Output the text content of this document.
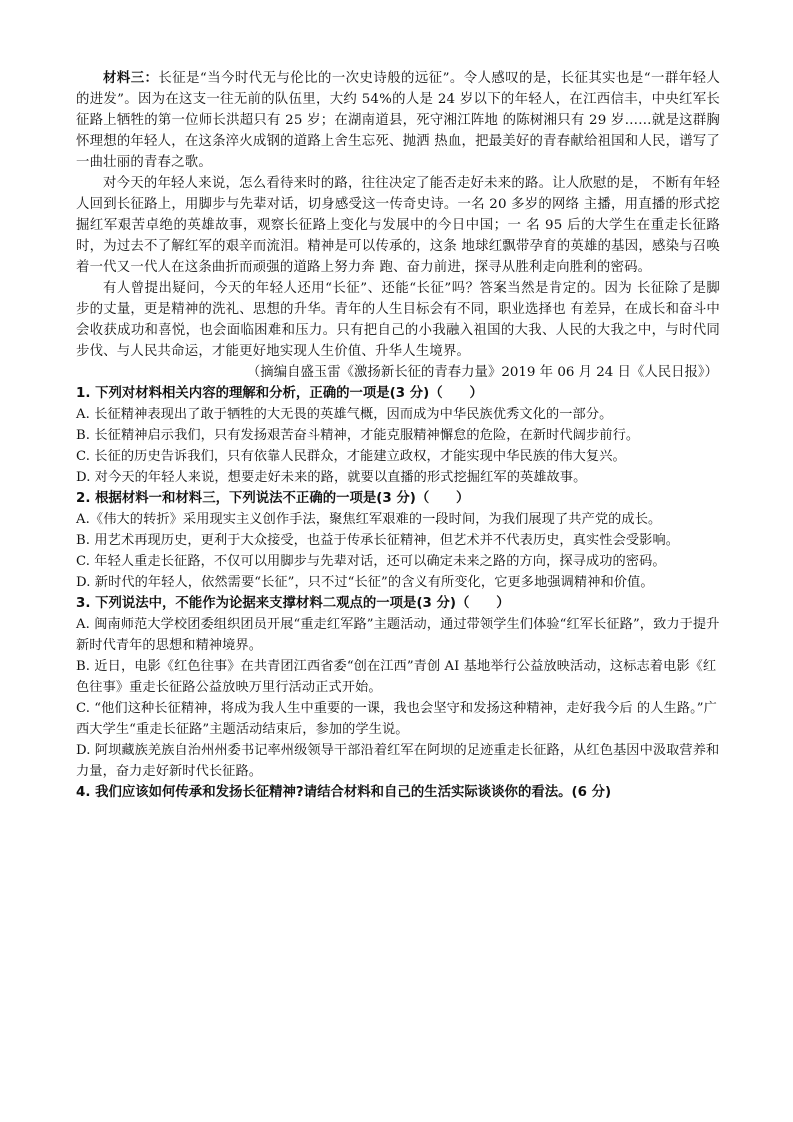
材料三：长征是“当今时代无与伦比的一次史诗般的远征”。令人感叹的是，长征其实也是“一群年轻人的进发”。因为在这支一往无前的队伍里，大约 54%的人是 24 岁以下的年轻人，在江西信丰，中央红军长征路上牺牲的第一位师长洪超只有 25 岁；在湖南道县，死守湘江阵地 的陈树湘只有 29 岁……就是这群胸怀理想的年轻人，在这条淬火成钢的道路上舍生忘死、抛洒 热血，把最美好的青春献给祖国和人民，谱写了一曲壮丽的青春之歌。

对今天的年轻人来说，怎么看待来时的路，往往决定了能否走好未来的路。让人欣慰的是， 不断有年轻人回到长征路上，用脚步与先辈对话，切身感受这一传奇史诗。一名 20 多岁的网络 主播，用直播的形式挖掘红军艰苦卓绝的英雄故事，观察长征路上变化与发展中的今日中国；一 名 95 后的大学生在重走长征路时，为过去不了解红军的艰辛而流泪。精神是可以传承的，这条 地球红飘带孕育的英雄的基因，感染与召唤着一代又一代人在这条曲折而顽强的道路上努力奔 跑、奋力前进，探寻从胜利走向胜利的密码。

有人曾提出疑问，今天的年轻人还用“长征”、还能“长征”吗？答案当然是肯定的。因为 长征除了是脚步的丈量，更是精神的洗礼、思想的升华。青年的人生目标会有不同，职业选择也 有差异，在成长和奋斗中会收获成功和喜悦，也会面临困难和压力。只有把自己的小我融入祖国的大我、人民的大我之中，与时代同步伐、与人民共命运，才能更好地实现人生价值、升华人生境界。

（摘编自盛玉雷《激扬新长征的青春力量》2019 年 06 月 24 日《人民日报》）

1. 下列对材料相关内容的理解和分析，正确的一项是(3 分)（　　）

A. 长征精神表现出了敢于牺牲的大无畏的英雄气概，因而成为中华民族优秀文化的一部分。

B. 长征精神启示我们，只有发扬艰苦奋斗精神，才能克服精神懈怠的危险，在新时代阔步前行。

C. 长征的历史告诉我们，只有依靠人民群众，才能建立政权，才能实现中华民族的伟大复兴。

D. 对今天的年轻人来说，想要走好未来的路，就要以直播的形式挖掘红军的英雄故事。

2. 根据材料一和材料三，下列说法不正确的一项是(3 分)（　　）

A.《伟大的转折》采用现实主义创作手法，聚焦红军艰难的一段时间，为我们展现了共产党的成长。

B. 用艺术再现历史，更利于大众接受，也益于传承长征精神，但艺术并不代表历史，真实性会受影响。

C. 年轻人重走长征路，不仅可以用脚步与先辈对话，还可以确定未来之路的方向，探寻成功的密码。

D. 新时代的年轻人，依然需要“长征”，只不过“长征”的含义有所变化，它更多地强调精神和价值。

3. 下列说法中，不能作为论据来支撑材料二观点的一项是(3 分)（　　）

A. 闽南师范大学校团委组织团员开展“重走红军路”主题活动，通过带领学生们体验“红军长征路”，致力于提升新时代青年的思想和精神境界。

B. 近日，电影《红色往事》在共青团江西省委“创在江西”青创 AI 基地举行公益放映活动，这标志着电影《红色往事》重走长征路公益放映万里行活动正式开始。

C. “他们这种长征精神，将成为我人生中重要的一课，我也会坚守和发扬这种精神，走好我今后 的人生路。”广西大学生“重走长征路”主题活动结束后，参加的学生说。

D. 阿坝藏族羌族自治州州委书记率州级领导干部沿着红军在阿坝的足迹重走长征路，从红色基因中汲取营养和力量，奋力走好新时代长征路。

4. 我们应该如何传承和发扬长征精神?请结合材料和自己的生活实际谈谈你的看法。(6 分)
